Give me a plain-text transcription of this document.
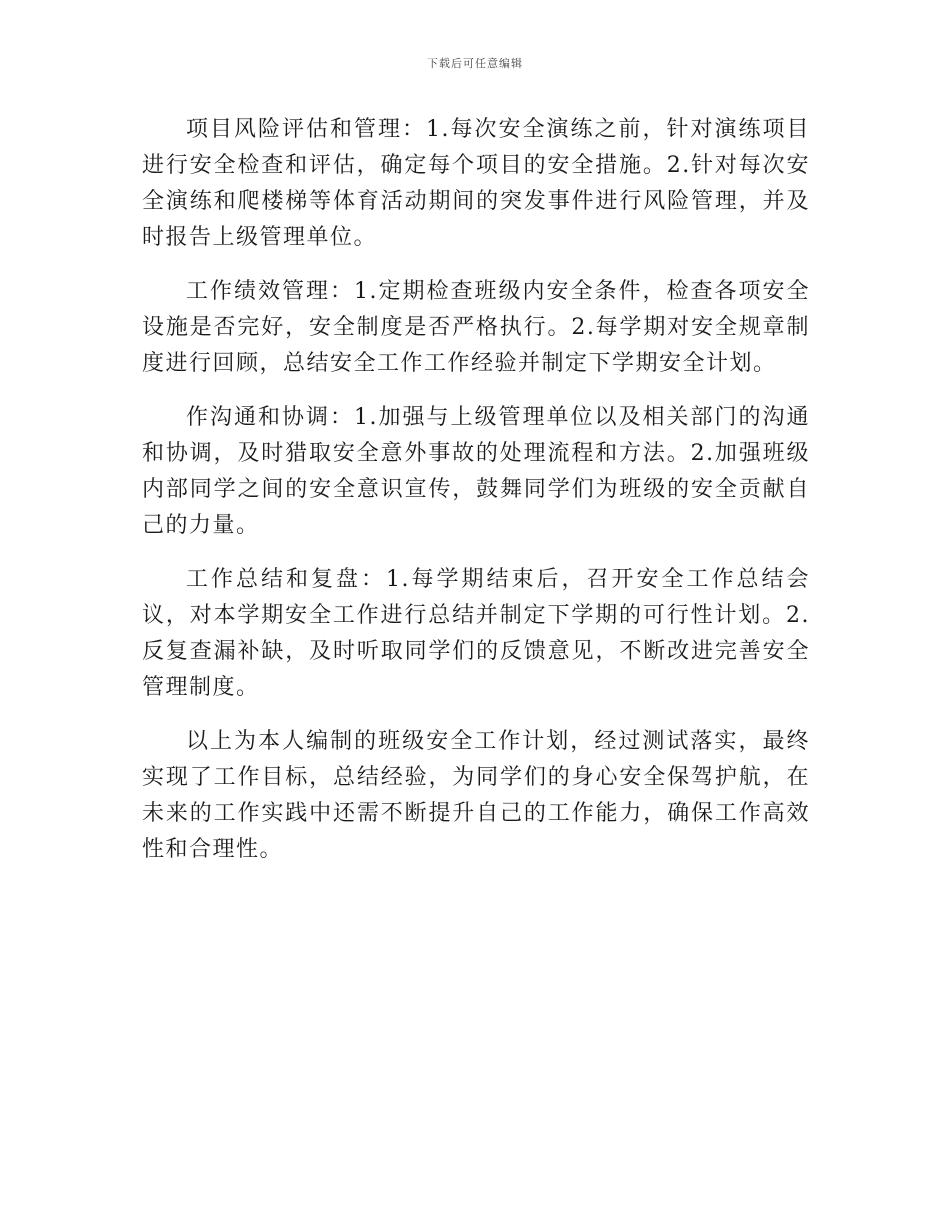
下载后可任意编辑

项目风险评估和管理：1.每次安全演练之前，针对演练项目进行安全检查和评估，确定每个项目的安全措施。2.针对每次安全演练和爬楼梯等体育活动期间的突发事件进行风险管理，并及时报告上级管理单位。

工作绩效管理：1.定期检查班级内安全条件，检查各项安全设施是否完好，安全制度是否严格执行。2.每学期对安全规章制度进行回顾，总结安全工作工作经验并制定下学期安全计划。

作沟通和协调：1.加强与上级管理单位以及相关部门的沟通和协调，及时猎取安全意外事故的处理流程和方法。2.加强班级内部同学之间的安全意识宣传，鼓舞同学们为班级的安全贡献自己的力量。

工作总结和复盘：1.每学期结束后，召开安全工作总结会议，对本学期安全工作进行总结并制定下学期的可行性计划。2.反复查漏补缺，及时听取同学们的反馈意见，不断改进完善安全管理制度。

以上为本人编制的班级安全工作计划，经过测试落实，最终实现了工作目标，总结经验，为同学们的身心安全保驾护航，在未来的工作实践中还需不断提升自己的工作能力，确保工作高效性和合理性。
